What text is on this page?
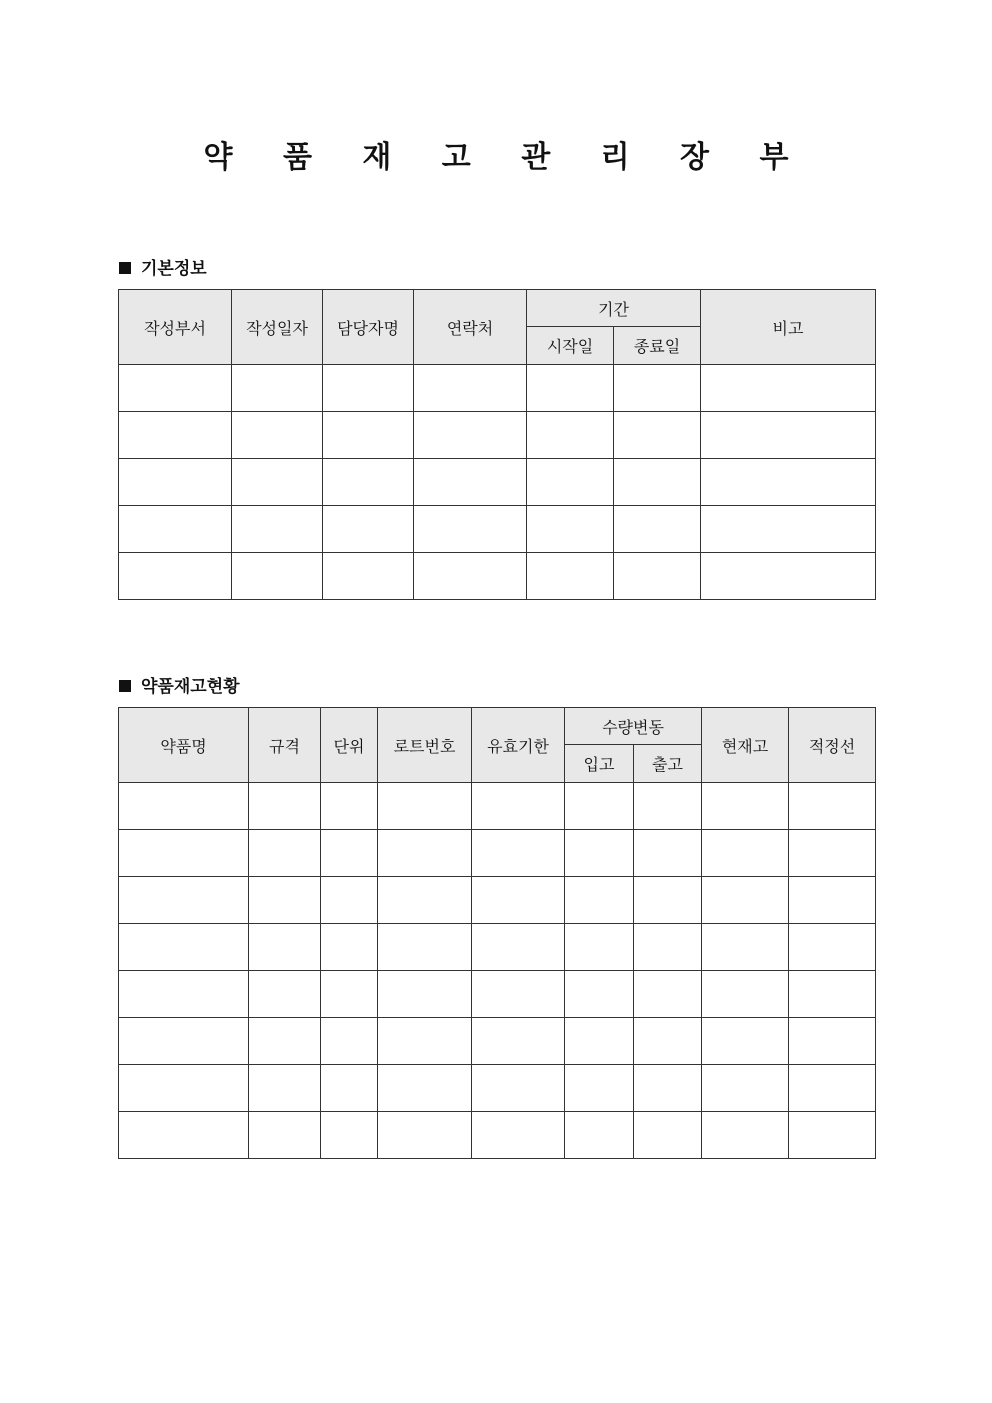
약 품 재 고 관 리 장 부
기본정보
작성부서	작성일자	담당자명	연락처	기간		비고
				시작일	종료일	

약품재고현황
약품명	규격	단위	로트번호	유효기한	수량변동		현재고	적정선
					입고	출고		
